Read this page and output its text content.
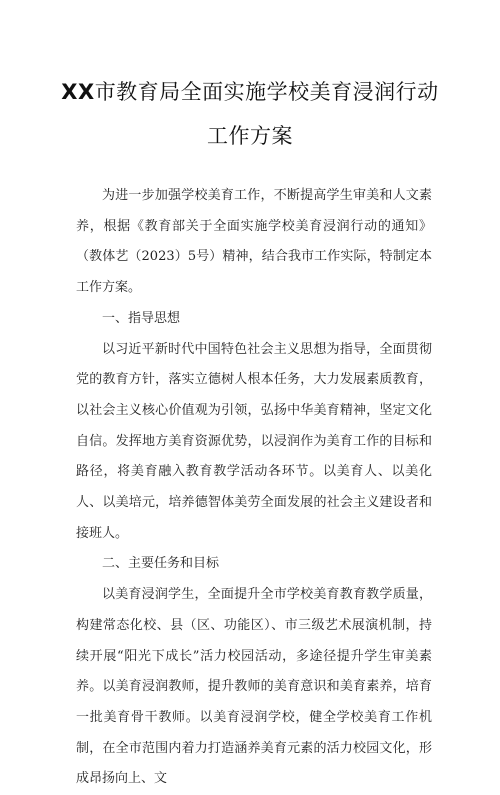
XX市教育局全面实施学校美育浸润行动
工作方案

为进一步加强学校美育工作，不断提高学生审美和人文素养，根据《教育部关于全面实施学校美育浸润行动的通知》（教体艺（2023）5号）精神，结合我市工作实际，特制定本工作方案。

一、指导思想

以习近平新时代中国特色社会主义思想为指导，全面贯彻党的教育方针，落实立德树人根本任务，大力发展素质教育，以社会主义核心价值观为引领，弘扬中华美育精神，坚定文化自信。发挥地方美育资源优势，以浸润作为美育工作的目标和路径，将美育融入教育教学活动各环节。以美育人、以美化人、以美培元，培养德智体美劳全面发展的社会主义建设者和接班人。

二、主要任务和目标

以美育浸润学生，全面提升全市学校美育教育教学质量，构建常态化校、县（区、功能区）、市三级艺术展演机制，持续开展“阳光下成长”活力校园活动，多途径提升学生审美素养。以美育浸润教师，提升教师的美育意识和美育素养，培育一批美育骨干教师。以美育浸润学校，健全学校美育工作机制，在全市范围内着力打造涵养美育元素的活力校园文化，形成昂扬向上、文
